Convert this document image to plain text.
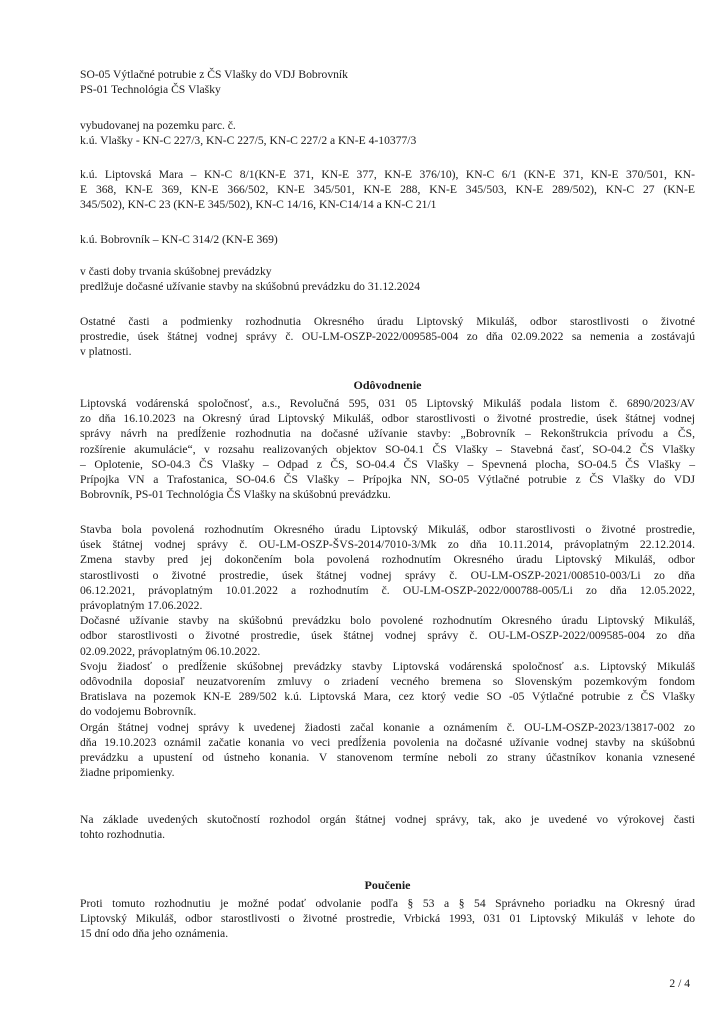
SO-05 Výtlačné potrubie z ČS Vlašky do VDJ Bobrovník
PS-01 Technológia ČS Vlašky

vybudovanej na pozemku parc. č.
k.ú. Vlašky - KN-C 227/3, KN-C 227/5, KN-C 227/2 a KN-E 4-10377/3

k.ú. Liptovská Mara – KN-C 8/1(KN-E 371, KN-E 377, KN-E 376/10), KN-C 6/1 (KN-E 371, KN-E 370/501, KN-
E 368, KN-E 369, KN-E 366/502, KN-E 345/501, KN-E 288, KN-E 345/503, KN-E 289/502), KN-C 27 (KN-E
345/502), KN-C 23 (KN-E 345/502), KN-C 14/16, KN-C14/14 a KN-C 21/1

k.ú. Bobrovník – KN-C 314/2 (KN-E 369)

v časti doby trvania skúšobnej prevádzky
predlžuje dočasné užívanie stavby na skúšobnú prevádzku do 31.12.2024

Ostatné časti a podmienky rozhodnutia Okresného úradu Liptovský Mikuláš, odbor starostlivosti o životné
prostredie, úsek štátnej vodnej správy č. OU-LM-OSZP-2022/009585-004 zo dňa 02.09.2022 sa nemenia a zostávajú
v platnosti.

Odôvodnenie

Liptovská vodárenská spoločnosť, a.s., Revolučná 595, 031 05 Liptovský Mikuláš podala listom č. 6890/2023/AV
zo dňa 16.10.2023 na Okresný úrad Liptovský Mikuláš, odbor starostlivosti o životné prostredie, úsek štátnej vodnej
správy návrh na predĺženie rozhodnutia na dočasné užívanie stavby: „Bobrovník – Rekonštrukcia prívodu a ČS,
rozšírenie akumulácie“, v rozsahu realizovaných objektov SO-04.1 ČS Vlašky – Stavebná časť, SO-04.2 ČS Vlašky
– Oplotenie, SO-04.3 ČS Vlašky – Odpad z ČS, SO-04.4 ČS Vlašky – Spevnená plocha, SO-04.5 ČS Vlašky –
Prípojka VN a Trafostanica, SO-04.6 ČS Vlašky – Prípojka NN, SO-05 Výtlačné potrubie z ČS Vlašky do VDJ
Bobrovník, PS-01 Technológia ČS Vlašky na skúšobnú prevádzku.

Stavba bola povolená rozhodnutím Okresného úradu Liptovský Mikuláš, odbor starostlivosti o životné prostredie,
úsek štátnej vodnej správy č. OU-LM-OSZP-ŠVS-2014/7010-3/Mk zo dňa 10.11.2014, právoplatným 22.12.2014.
Zmena stavby pred jej dokončením bola povolená rozhodnutím Okresného úradu Liptovský Mikuláš, odbor
starostlivosti o životné prostredie, úsek štátnej vodnej správy č. OU-LM-OSZP-2021/008510-003/Li zo dňa
06.12.2021, právoplatným 10.01.2022 a rozhodnutím č. OU-LM-OSZP-2022/000788-005/Li zo dňa 12.05.2022,
právoplatným 17.06.2022.
Dočasné užívanie stavby na skúšobnú prevádzku bolo povolené rozhodnutím Okresného úradu Liptovský Mikuláš,
odbor starostlivosti o životné prostredie, úsek štátnej vodnej správy č. OU-LM-OSZP-2022/009585-004 zo dňa
02.09.2022, právoplatným 06.10.2022.
Svoju žiadosť o predĺženie skúšobnej prevádzky stavby Liptovská vodárenská spoločnosť a.s. Liptovský Mikuláš
odôvodnila doposiaľ neuzatvorením zmluvy o zriadení vecného bremena so Slovenským pozemkovým fondom
Bratislava na pozemok KN-E 289/502 k.ú. Liptovská Mara, cez ktorý vedie SO -05 Výtlačné potrubie z ČS Vlašky
do vodojemu Bobrovník.
Orgán štátnej vodnej správy k uvedenej žiadosti začal konanie a oznámením č. OU-LM-OSZP-2023/13817-002 zo
dňa 19.10.2023 oznámil začatie konania vo veci predĺženia povolenia na dočasné užívanie vodnej stavby na skúšobnú
prevádzku a upustení od ústneho konania. V stanovenom termíne neboli zo strany účastníkov konania vznesené
žiadne pripomienky.

Na základe uvedených skutočností rozhodol orgán štátnej vodnej správy, tak, ako je uvedené vo výrokovej časti
tohto rozhodnutia.

Poučenie

Proti tomuto rozhodnutiu je možné podať odvolanie podľa § 53 a § 54 Správneho poriadku na Okresný úrad
Liptovský Mikuláš, odbor starostlivosti o životné prostredie, Vrbická 1993, 031 01 Liptovský Mikuláš v lehote do
15 dní odo dňa jeho oznámenia.

2 / 4
